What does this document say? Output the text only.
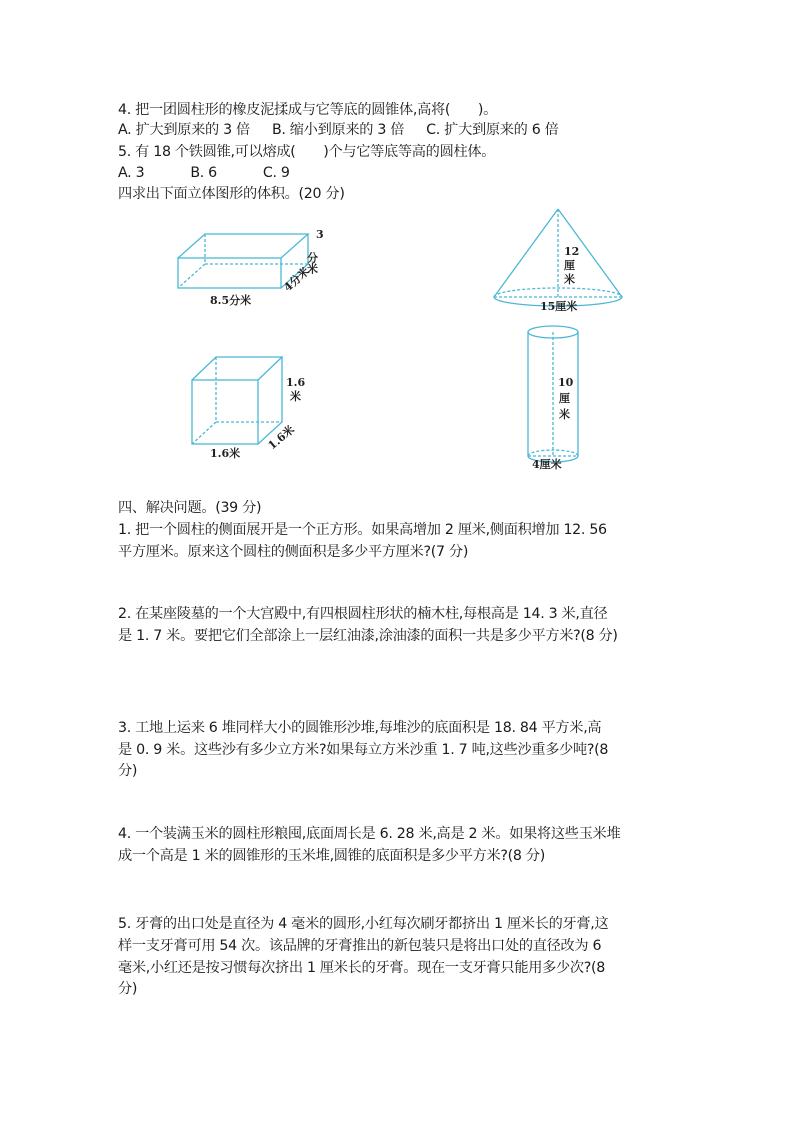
4. 把一团圆柱形的橡皮泥揉成与它等底的圆锥体,高将(　　)。
A. 扩大到原来的 3 倍 B. 缩小到原来的 3 倍 C. 扩大到原来的 6 倍
5. 有 18 个铁圆锥,可以熔成(　　)个与它等底等高的圆柱体。
A. 3	B. 6	C. 9
四求出下面立体图形的体积。(20 分)
8.5分米
3
分米
4分米
1.6
米
1.6米
1.6米
12
厘
米
15厘米
10
厘
米
4厘米
四、解决问题。(39 分)
1. 把一个圆柱的侧面展开是一个正方形。如果高增加 2 厘米,侧面积增加 12. 56
平方厘米。原来这个圆柱的侧面积是多少平方厘米?(7 分)
2. 在某座陵墓的一个大宫殿中,有四根圆柱形状的楠木柱,每根高是 14. 3 米,直径
是 1. 7 米。要把它们全部涂上一层红油漆,涂油漆的面积一共是多少平方米?(8 分)
3. 工地上运来 6 堆同样大小的圆锥形沙堆,每堆沙的底面积是 18. 84 平方米,高
是 0. 9 米。这些沙有多少立方米?如果每立方米沙重 1. 7 吨,这些沙重多少吨?(8
分)
4. 一个装满玉米的圆柱形粮囤,底面周长是 6. 28 米,高是 2 米。如果将这些玉米堆
成一个高是 1 米的圆锥形的玉米堆,圆锥的底面积是多少平方米?(8 分)
5. 牙膏的出口处是直径为 4 毫米的圆形,小红每次刷牙都挤出 1 厘米长的牙膏,这
样一支牙膏可用 54 次。该品牌的牙膏推出的新包装只是将出口处的直径改为 6
毫米,小红还是按习惯每次挤出 1 厘米长的牙膏。现在一支牙膏只能用多少次?(8
分)
